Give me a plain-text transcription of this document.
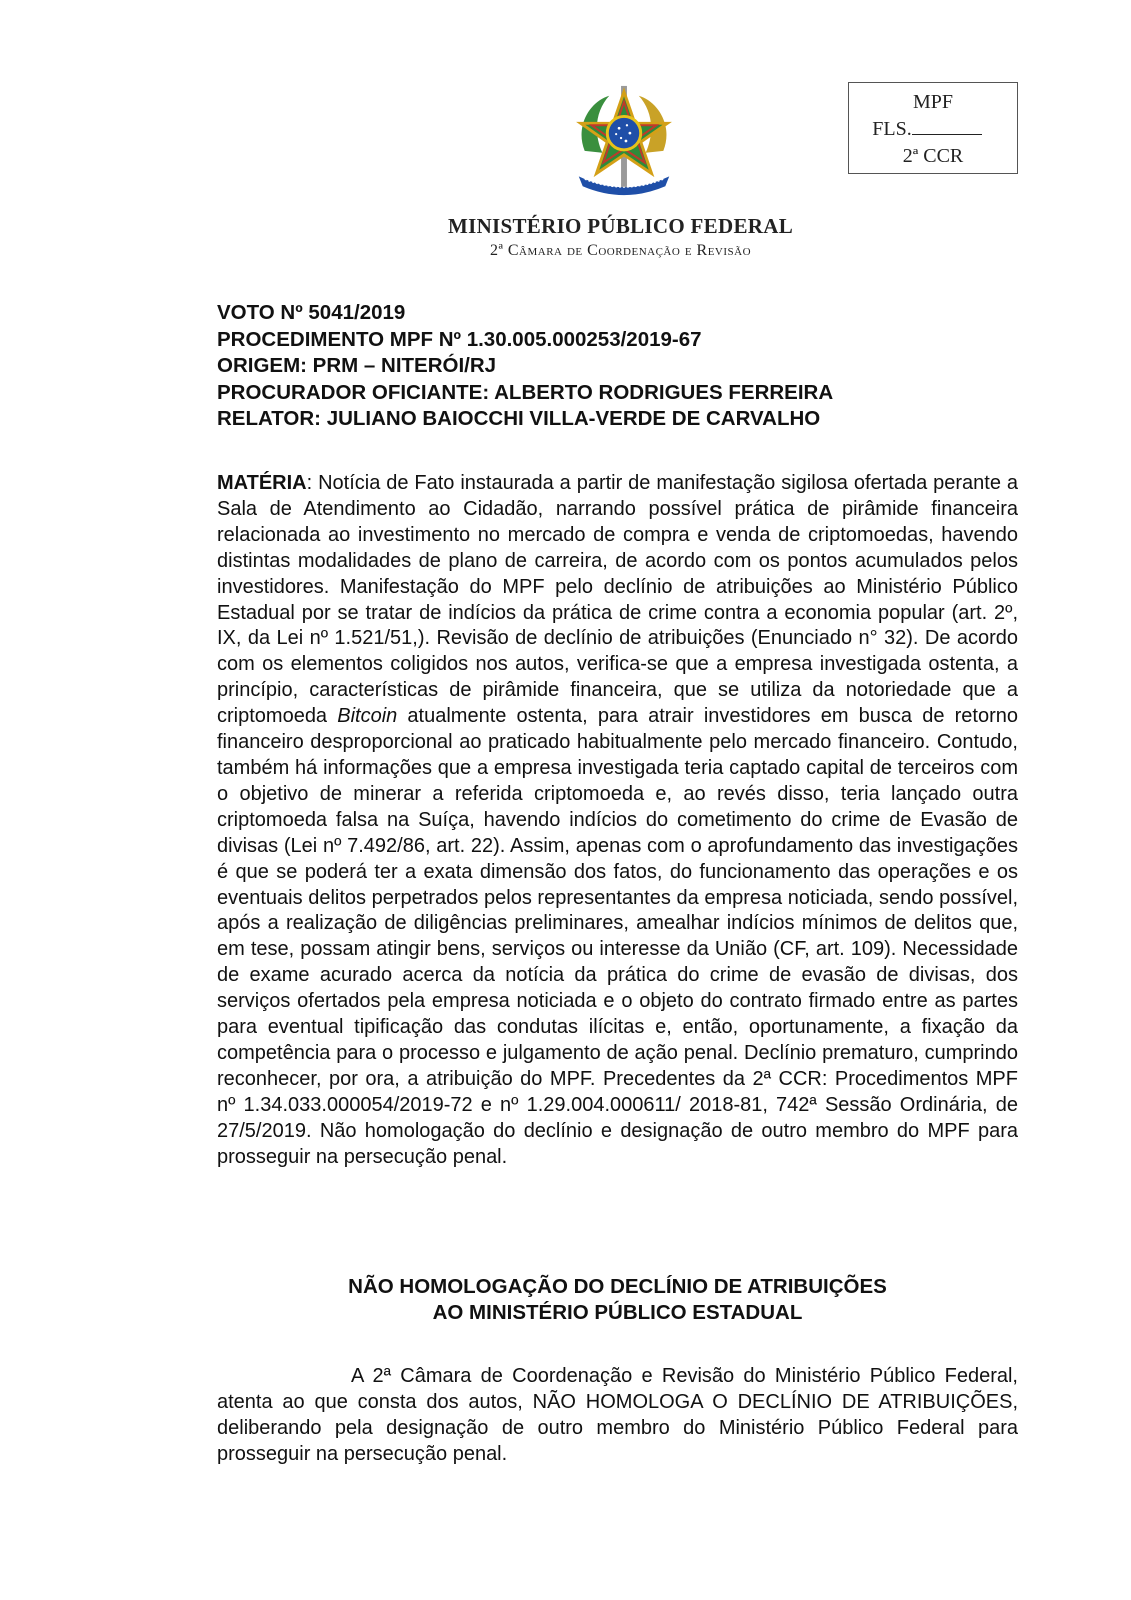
MPF
FLS.
2ª CCR
MINISTÉRIO PÚBLICO FEDERAL
2ª Câmara de Coordenação e Revisão
VOTO Nº 5041/2019
PROCEDIMENTO MPF Nº 1.30.005.000253/2019-67
ORIGEM: PRM – NITERÓI/RJ
PROCURADOR OFICIANTE: ALBERTO RODRIGUES FERREIRA
RELATOR: JULIANO BAIOCCHI VILLA-VERDE DE CARVALHO
MATÉRIA: Notícia de Fato instaurada a partir de manifestação sigilosa ofertada perante a Sala de Atendimento ao Cidadão, narrando possível prática de pirâmide financeira relacionada ao investimento no mercado de compra e venda de criptomoedas, havendo distintas modalidades de plano de carreira, de acordo com os pontos acumulados pelos investidores. Manifestação do MPF pelo declínio de atribuições ao Ministério Público Estadual por se tratar de indícios da prática de crime contra a economia popular (art. 2º, IX, da Lei nº 1.521/51,). Revisão de declínio de atribuições (Enunciado n° 32). De acordo com os elementos coligidos nos autos, verifica-se que a empresa investigada ostenta, a princípio, características de pirâmide financeira, que se utiliza da notoriedade que a criptomoeda Bitcoin atualmente ostenta, para atrair investidores em busca de retorno financeiro desproporcional ao praticado habitualmente pelo mercado financeiro. Contudo, também há informações que a empresa investigada teria captado capital de terceiros com o objetivo de minerar a referida criptomoeda e, ao revés disso, teria lançado outra criptomoeda falsa na Suíça, havendo indícios do cometimento do crime de Evasão de divisas (Lei nº 7.492/86, art. 22). Assim, apenas com o aprofundamento das investigações é que se poderá ter a exata dimensão dos fatos, do funcionamento das operações e os eventuais delitos perpetrados pelos representantes da empresa noticiada, sendo possível, após a realização de diligências preliminares, amealhar indícios mínimos de delitos que, em tese, possam atingir bens, serviços ou interesse da União (CF, art. 109). Necessidade de exame acurado acerca da notícia da prática do crime de evasão de divisas, dos serviços ofertados pela empresa noticiada e o objeto do contrato firmado entre as partes para eventual tipificação das condutas ilícitas e, então, oportunamente, a fixação da competência para o processo e julgamento de ação penal. Declínio prematuro, cumprindo reconhecer, por ora, a atribuição do MPF. Precedentes da 2ª CCR: Procedimentos MPF nº 1.34.033.000054/2019-72 e nº 1.29.004.000611/ 2018-81, 742ª Sessão Ordinária, de 27/5/2019. Não homologação do declínio e designação de outro membro do MPF para prosseguir na persecução penal.
NÃO HOMOLOGAÇÃO DO DECLÍNIO DE ATRIBUIÇÕES
AO MINISTÉRIO PÚBLICO ESTADUAL
A 2ª Câmara de Coordenação e Revisão do Ministério Público Federal, atenta ao que consta dos autos, NÃO HOMOLOGA O DECLÍNIO DE ATRIBUIÇÕES, deliberando pela designação de outro membro do Ministério Público Federal para prosseguir na persecução penal.
